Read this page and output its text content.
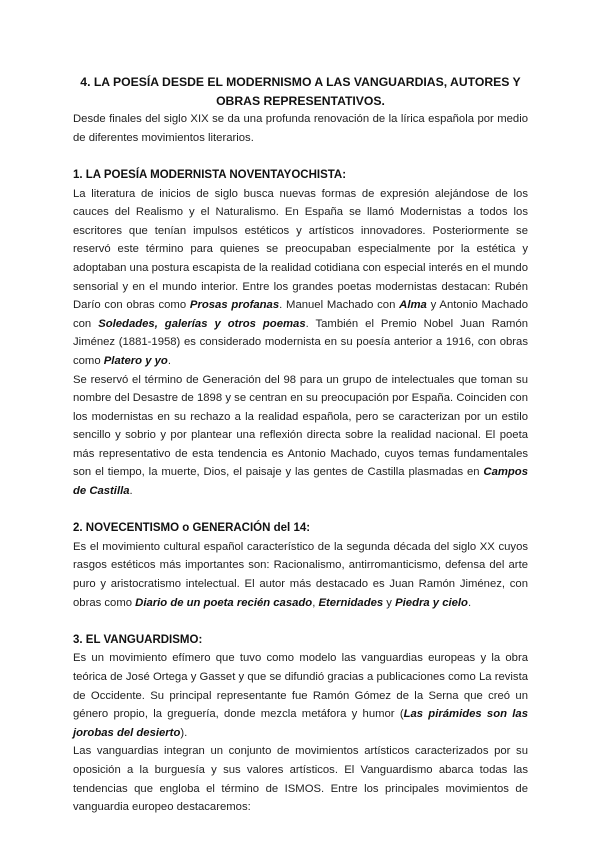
4. LA POESÍA DESDE EL MODERNISMO A LAS VANGUARDIAS, AUTORES Y OBRAS REPRESENTATIVOS.

Desde finales del siglo XIX se da una profunda renovación de la lírica española por medio de diferentes movimientos literarios.

1. LA POESÍA MODERNISTA NOVENTAYOCHISTA:

La literatura de inicios de siglo busca nuevas formas de expresión alejándose de los cauces del Realismo y el Naturalismo. En España se llamó Modernistas a todos los escritores que tenían impulsos estéticos y artísticos innovadores. Posteriormente se reservó este término para quienes se preocupaban especialmente por la estética y adoptaban una postura escapista de la realidad cotidiana con especial interés en el mundo sensorial y en el mundo interior. Entre los grandes poetas modernistas destacan: Rubén Darío con obras como Prosas profanas. Manuel Machado con Alma y Antonio Machado con Soledades, galerías y otros poemas. También el Premio Nobel Juan Ramón Jiménez (1881-1958) es considerado modernista en su poesía anterior a 1916, con obras como Platero y yo.

Se reservó el término de Generación del 98 para un grupo de intelectuales que toman su nombre del Desastre de 1898 y se centran en su preocupación por España. Coinciden con los modernistas en su rechazo a la realidad española, pero se caracterizan por un estilo sencillo y sobrio y por plantear una reflexión directa sobre la realidad nacional. El poeta más representativo de esta tendencia es Antonio Machado, cuyos temas fundamentales son el tiempo, la muerte, Dios, el paisaje y las gentes de Castilla plasmadas en Campos de Castilla.

2. NOVECENTISMO o GENERACIÓN del 14:

Es el movimiento cultural español característico de la segunda década del siglo XX cuyos rasgos estéticos más importantes son: Racionalismo, antirromanticismo, defensa del arte puro y aristocratismo intelectual. El autor más destacado es Juan Ramón Jiménez, con obras como Diario de un poeta recién casado, Eternidades y Piedra y cielo.

3. EL VANGUARDISMO:

Es un movimiento efímero que tuvo como modelo las vanguardias europeas y la obra teórica de José Ortega y Gasset y que se difundió gracias a publicaciones como La revista de Occidente. Su principal representante fue Ramón Gómez de la Serna que creó un género propio, la greguería, donde mezcla metáfora y humor (Las pirámides son las jorobas del desierto).

Las vanguardias integran un conjunto de movimientos artísticos caracterizados por su oposición a la burguesía y sus valores artísticos. El Vanguardismo abarca todas las tendencias que engloba el término de ISMOS. Entre los principales movimientos de vanguardia europeo destacaremos:
